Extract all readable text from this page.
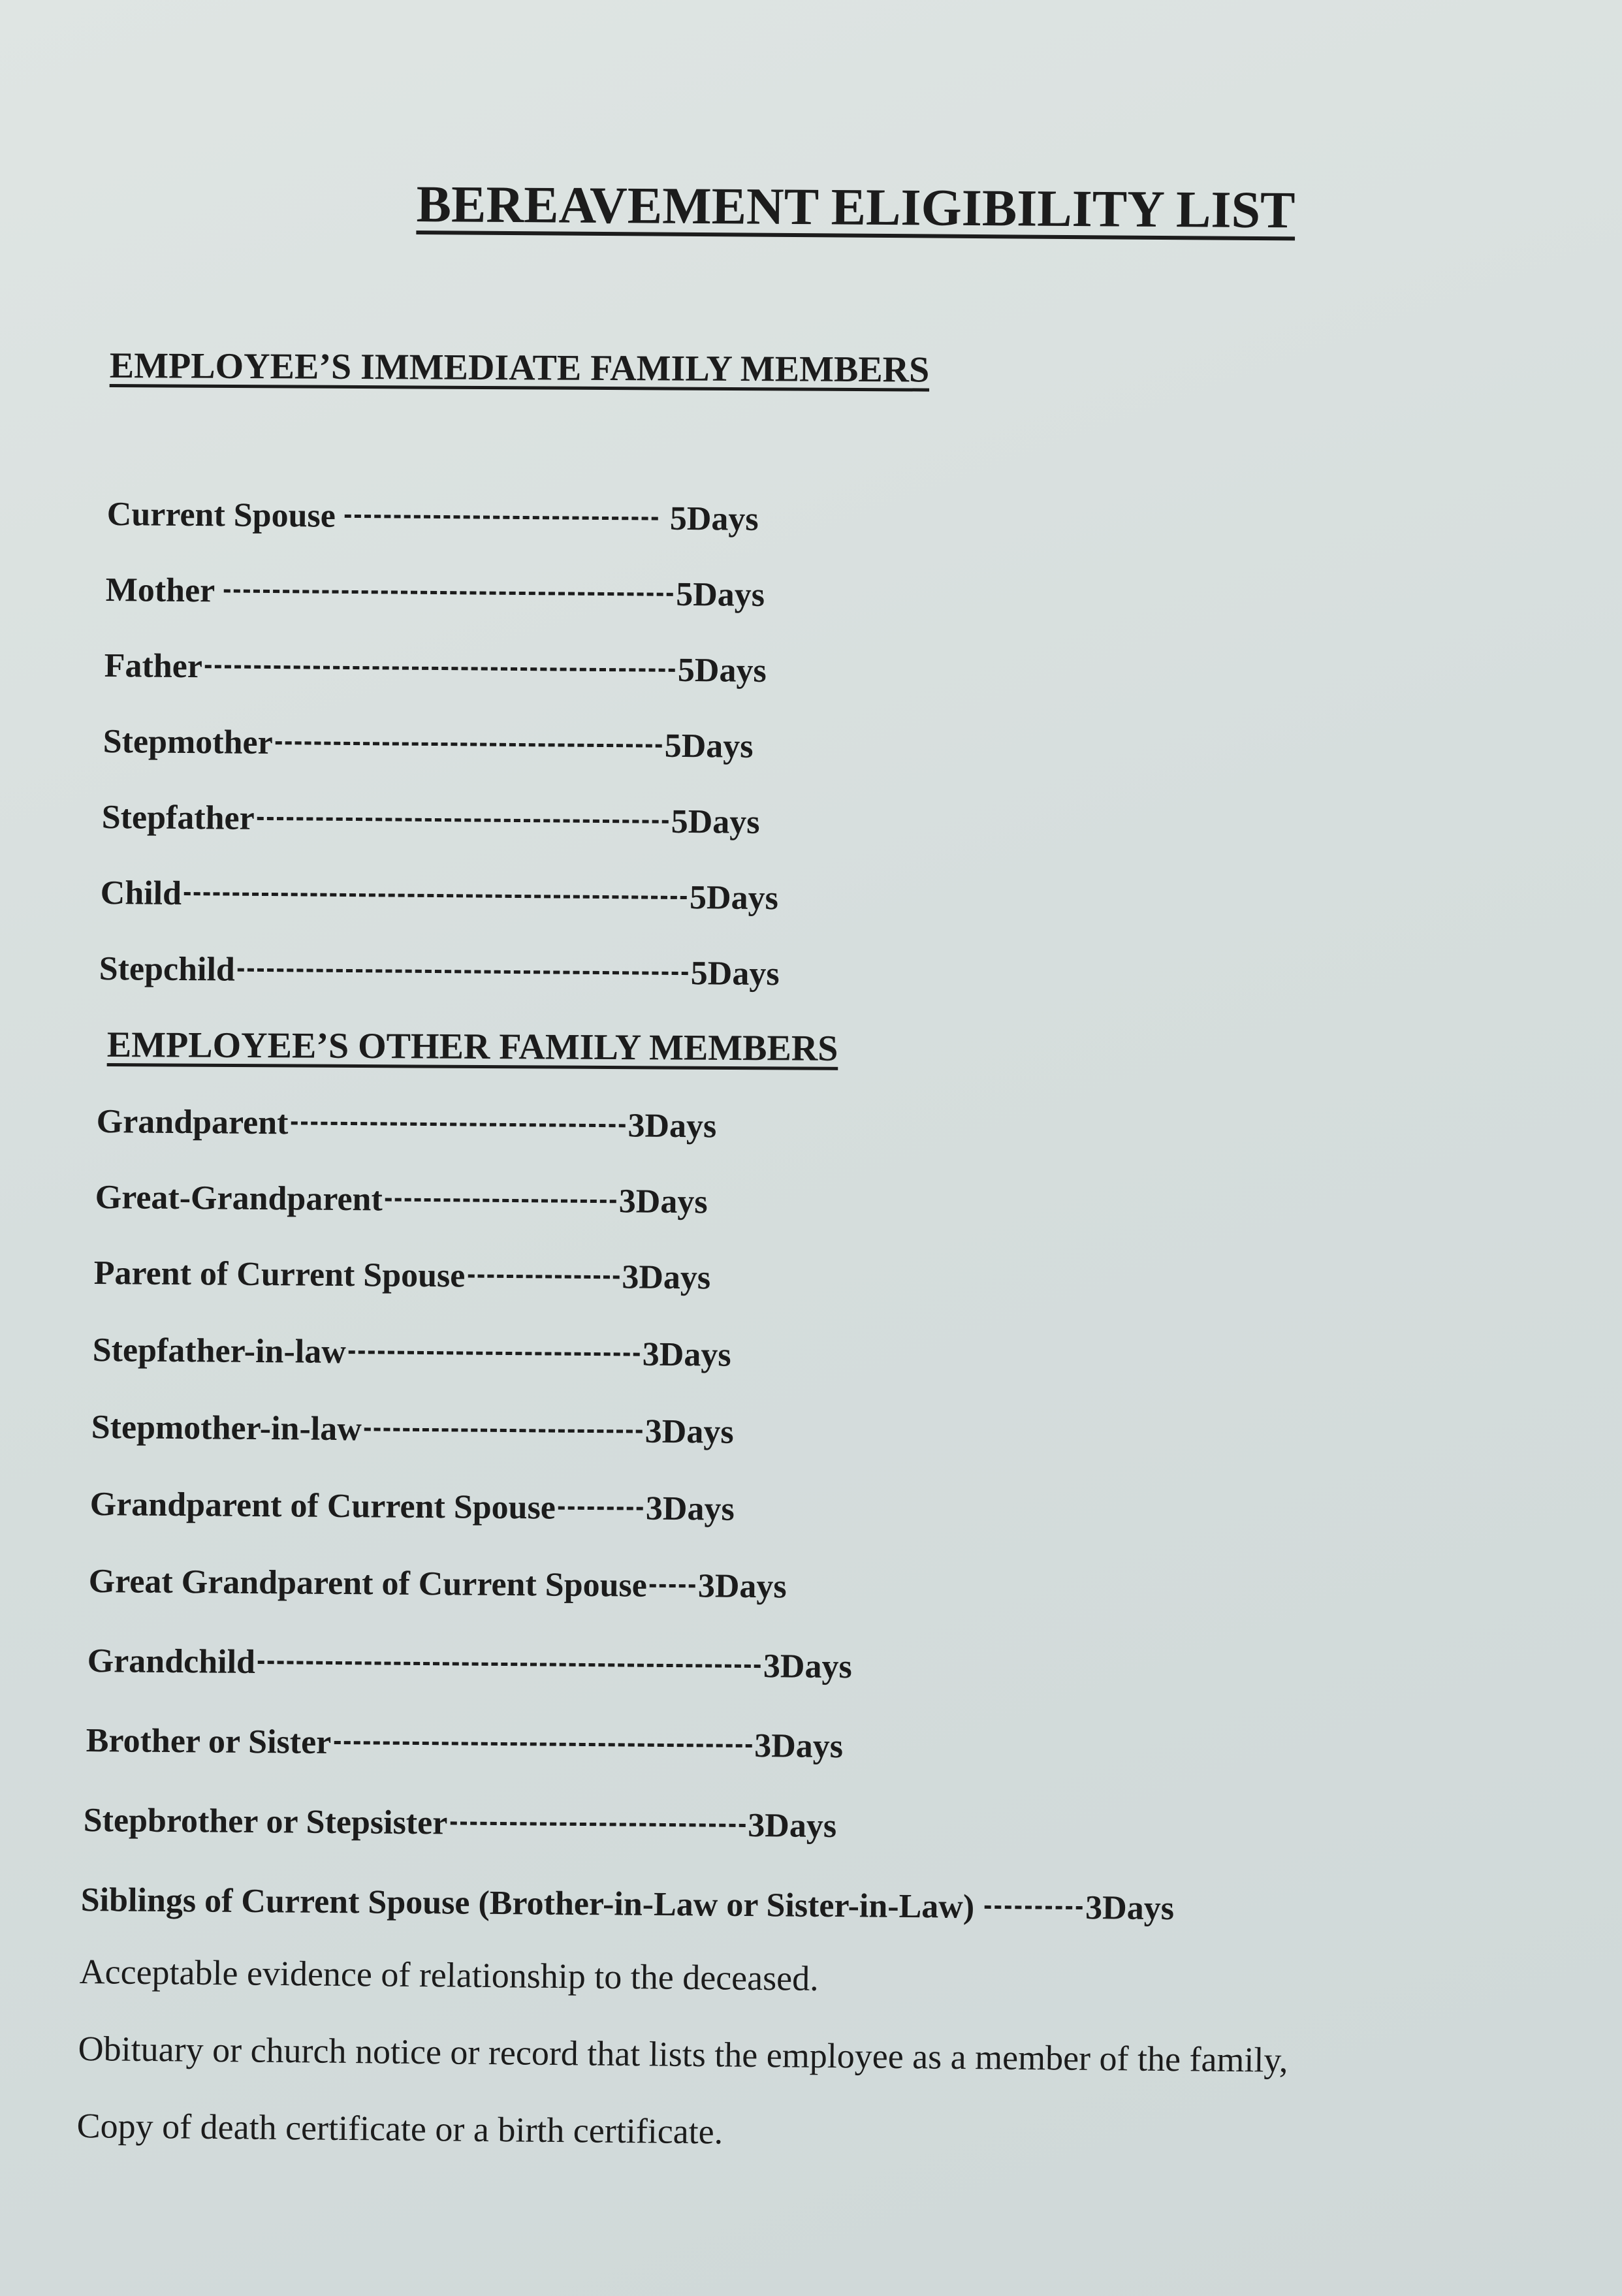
BEREAVEMENT ELIGIBILITY LIST
EMPLOYEE’S IMMEDIATE FAMILY MEMBERS
Current Spouse	5Days
Mother	5Days
Father	5Days
Stepmother	5Days
Stepfather	5Days
Child	5Days
Stepchild	5Days
EMPLOYEE’S OTHER FAMILY MEMBERS
Grandparent	3Days
Great-Grandparent	3Days
Parent of Current Spouse	3Days
Stepfather-in-law	3Days
Stepmother-in-law	3Days
Grandparent of Current Spouse	3Days
Great Grandparent of Current Spouse 3Days
Grandchild	3Days
Brother or Sister	3Days
Stepbrother or Stepsister	3Days
Siblings of Current Spouse (Brother-in-Law or Sister-in-Law)	3Days
Acceptable evidence of relationship to the deceased.
Obituary or church notice or record that lists the employee as a member of the family,
Copy of death certificate or a birth certificate.
